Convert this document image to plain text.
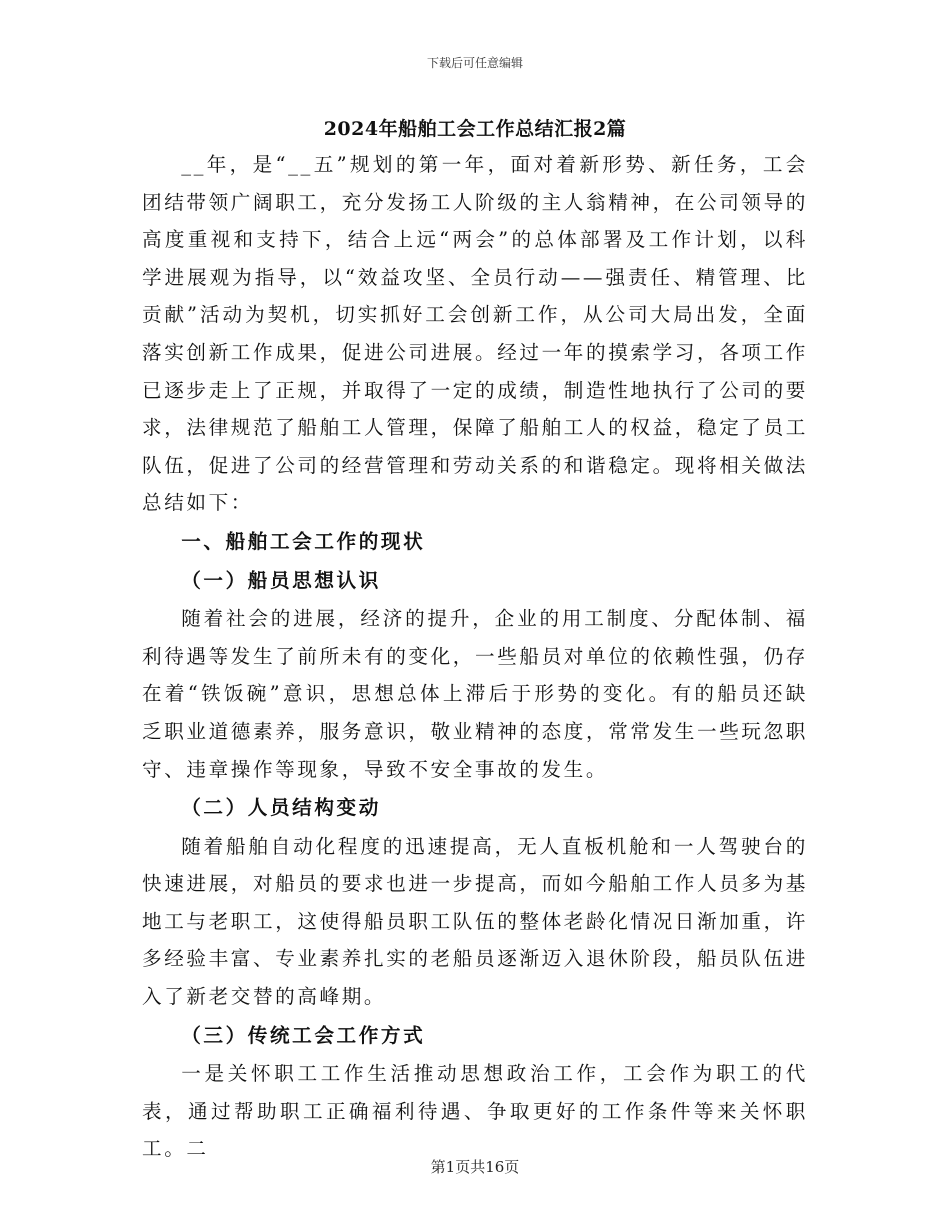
下载后可任意编辑
2024年船舶工会工作总结汇报2篇

__年，是“__五”规划的第一年，面对着新形势、新任务，工会团结带领广阔职工，充分发扬工人阶级的主人翁精神，在公司领导的高度重视和支持下，结合上远“两会”的总体部署及工作计划，以科学进展观为指导，以“效益攻坚、全员行动——强责任、精管理、比贡献”活动为契机，切实抓好工会创新工作，从公司大局出发，全面落实创新工作成果，促进公司进展。经过一年的摸索学习，各项工作已逐步走上了正规，并取得了一定的成绩，制造性地执行了公司的要求，法律规范了船舶工人管理，保障了船舶工人的权益，稳定了员工队伍，促进了公司的经营管理和劳动关系的和谐稳定。现将相关做法总结如下：

一、船舶工会工作的现状

（一）船员思想认识

随着社会的进展，经济的提升，企业的用工制度、分配体制、福利待遇等发生了前所未有的变化，一些船员对单位的依赖性强，仍存在着“铁饭碗”意识，思想总体上滞后于形势的变化。有的船员还缺乏职业道德素养，服务意识，敬业精神的态度，常常发生一些玩忽职守、违章操作等现象，导致不安全事故的发生。

（二）人员结构变动

随着船舶自动化程度的迅速提高，无人直板机舱和一人驾驶台的快速进展，对船员的要求也进一步提高，而如今船舶工作人员多为基地工与老职工，这使得船员职工队伍的整体老龄化情况日渐加重，许多经验丰富、专业素养扎实的老船员逐渐迈入退休阶段，船员队伍进入了新老交替的高峰期。

（三）传统工会工作方式

一是关怀职工工作生活推动思想政治工作，工会作为职工的代表，通过帮助职工正确福利待遇、争取更好的工作条件等来关怀职工。二

第1页共16页
